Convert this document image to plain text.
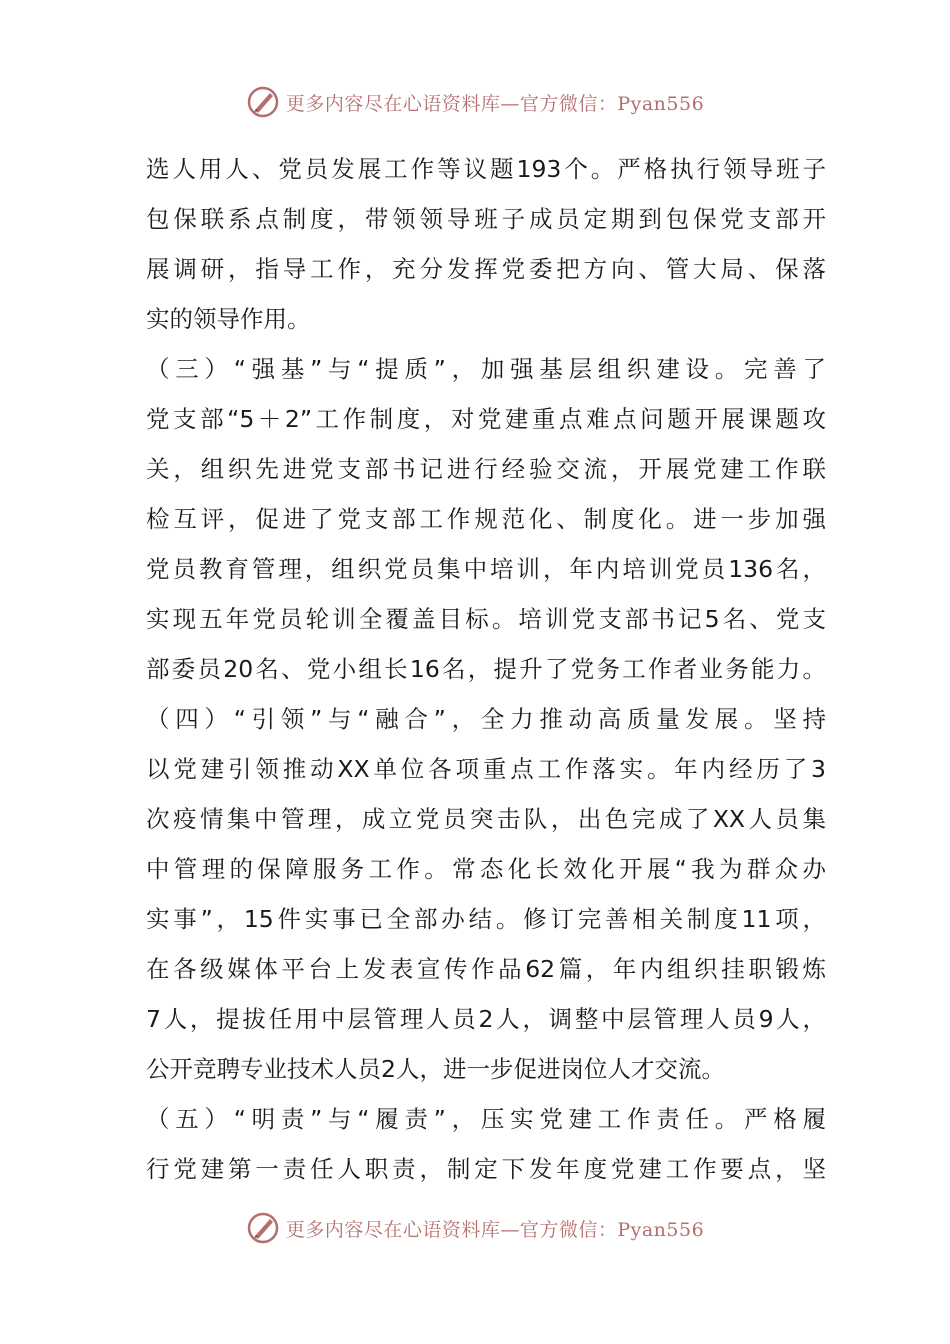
更多内容尽在心语资料库—官方微信：Pyan556
选人用人、党员发展工作等议题193个。严格执行领导班子
包保联系点制度，带领领导班子成员定期到包保党支部开
展调研，指导工作，充分发挥党委把方向、管大局、保落
实的领导作用。
（三）“强基”与“提质”，加强基层组织建设。完善了
党支部“5＋2”工作制度，对党建重点难点问题开展课题攻
关，组织先进党支部书记进行经验交流，开展党建工作联
检互评，促进了党支部工作规范化、制度化。进一步加强
党员教育管理，组织党员集中培训，年内培训党员136名，
实现五年党员轮训全覆盖目标。培训党支部书记5名、党支
部委员20名、党小组长16名，提升了党务工作者业务能力。
（四）“引领”与“融合”，全力推动高质量发展。坚持
以党建引领推动XX单位各项重点工作落实。年内经历了3
次疫情集中管理，成立党员突击队，出色完成了XX人员集
中管理的保障服务工作。常态化长效化开展“我为群众办
实事”，15件实事已全部办结。修订完善相关制度11项，
在各级媒体平台上发表宣传作品62篇，年内组织挂职锻炼
7人，提拔任用中层管理人员2人，调整中层管理人员9人，
公开竞聘专业技术人员2人，进一步促进岗位人才交流。
（五）“明责”与“履责”，压实党建工作责任。严格履
行党建第一责任人职责，制定下发年度党建工作要点，坚
更多内容尽在心语资料库—官方微信：Pyan556
